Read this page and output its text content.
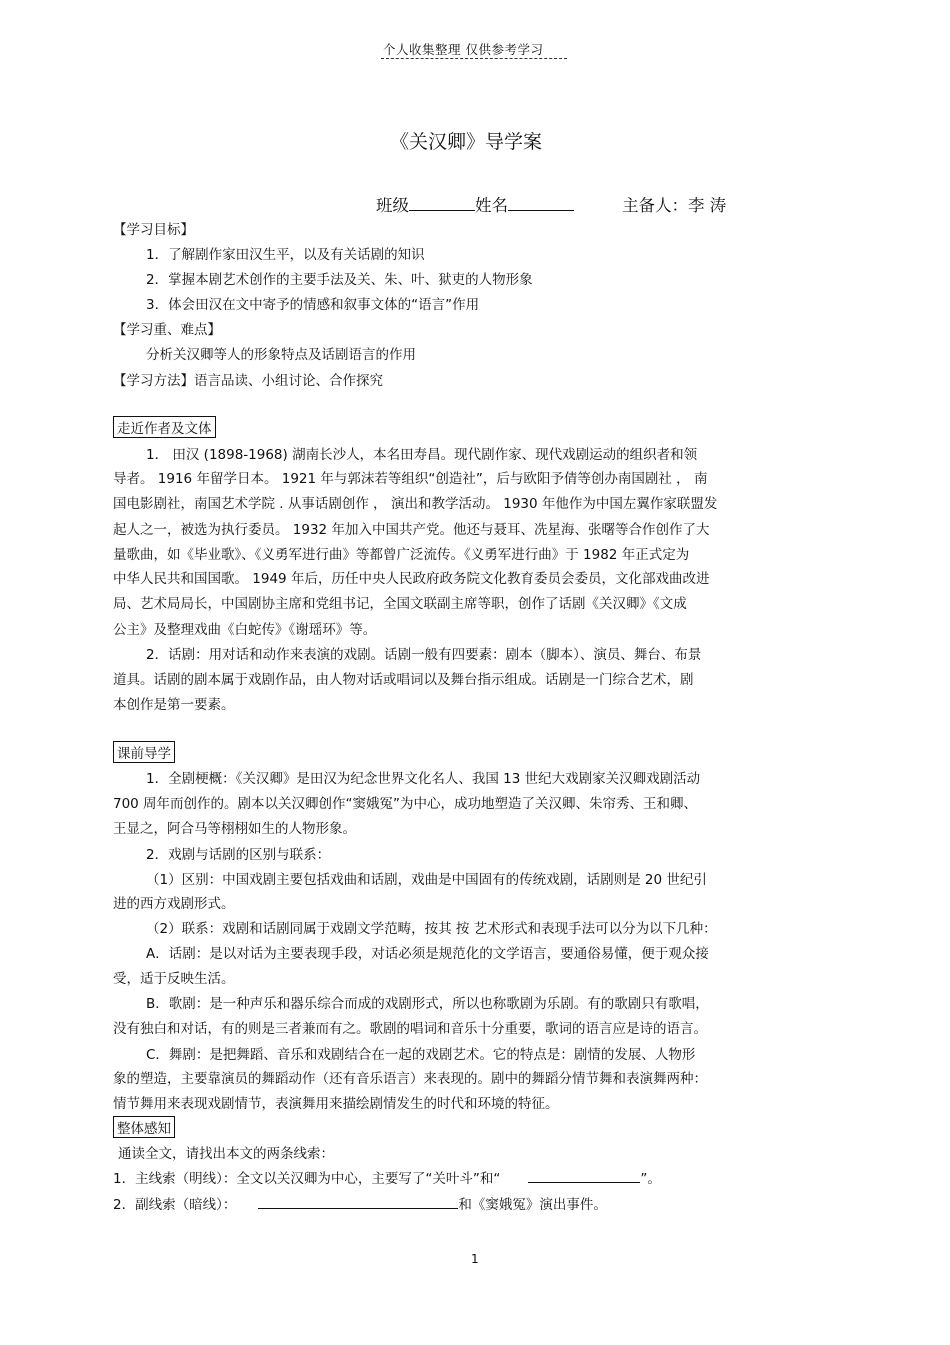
个人收集整理 仅供参考学习
《关汉卿》导学案
班级	姓名	主备人：李 涛
【学习目标】
1．了解剧作家田汉生平，以及有关话剧的知识
2．掌握本剧艺术创作的主要手法及关、朱、叶、狱吏的人物形象
3．体会田汉在文中寄予的情感和叙事文体的“语言”作用
【学习重、难点】
分析关汉卿等人的形象特点及话剧语言的作用
【学习方法】语言品读、小组讨论、合作探究
走近作者及文体
1． 田汉 (1898-1968) 湖南长沙人，本名田寿昌。现代剧作家、现代戏剧运动的组织者和领
导者。 1916 年留学日本。 1921 年与郭沫若等组织“创造社”，后与欧阳予倩等创办南国剧社 ， 南
国电影剧社，南国艺术学院 . 从事话剧创作 ， 演出和教学活动。 1930 年他作为中国左翼作家联盟发
起人之一，被选为执行委员。 1932 年加入中国共产党。他还与聂耳、冼星海、张曙等合作创作了大
量歌曲，如《毕业歌》、《义勇军进行曲》等都曾广泛流传。《义勇军进行曲》于 1982 年正式定为
中华人民共和国国歌。 1949 年后，历任中央人民政府政务院文化教育委员会委员，文化部戏曲改进
局、艺术局局长，中国剧协主席和党组书记，全国文联副主席等职，创作了话剧《关汉卿》《文成
公主》及整理戏曲《白蛇传》《谢瑶环》等。
2．话剧：用对话和动作来表演的戏剧。话剧一般有四要素：剧本（脚本）、演员、舞台、布景
道具。话剧的剧本属于戏剧作品，由人物对话或唱词以及舞台指示组成。话剧是一门综合艺术，剧
本创作是第一要素。
课前导学
1．全剧梗概：《关汉卿》是田汉为纪念世界文化名人、我国 13 世纪大戏剧家关汉卿戏剧活动
700 周年而创作的。剧本以关汉卿创作“窦娥冤”为中心，成功地塑造了关汉卿、朱帘秀、王和卿、
王显之，阿合马等栩栩如生的人物形象。
2．戏剧与话剧的区别与联系：
（1）区别：中国戏剧主要包括戏曲和话剧，戏曲是中国固有的传统戏剧，话剧则是 20 世纪引
进的西方戏剧形式。
（2）联系：戏剧和话剧同属于戏剧文学范畴，按其 按 艺术形式和表现手法可以分为以下几种：
A．话剧：是以对话为主要表现手段，对话必须是规范化的文学语言，要通俗易懂，便于观众接
受，适于反映生活。
B．歌剧：是一种声乐和器乐综合而成的戏剧形式，所以也称歌剧为乐剧。有的歌剧只有歌唱，
没有独白和对话，有的则是三者兼而有之。歌剧的唱词和音乐十分重要，歌词的语言应是诗的语言。
C．舞剧：是把舞蹈、音乐和戏剧结合在一起的戏剧艺术。它的特点是：剧情的发展、人物形
象的塑造，主要靠演员的舞蹈动作（还有音乐语言）来表现的。剧中的舞蹈分情节舞和表演舞两种：
情节舞用来表现戏剧情节，表演舞用来描绘剧情发生的时代和环境的特征。
整体感知
通读全文，请找出本文的两条线索：
1．主线索（明线）：全文以关汉卿为中心，主要写了“关叶斗”和“	”。
2．副线索（暗线）：	和《窦娥冤》演出事件。
1
